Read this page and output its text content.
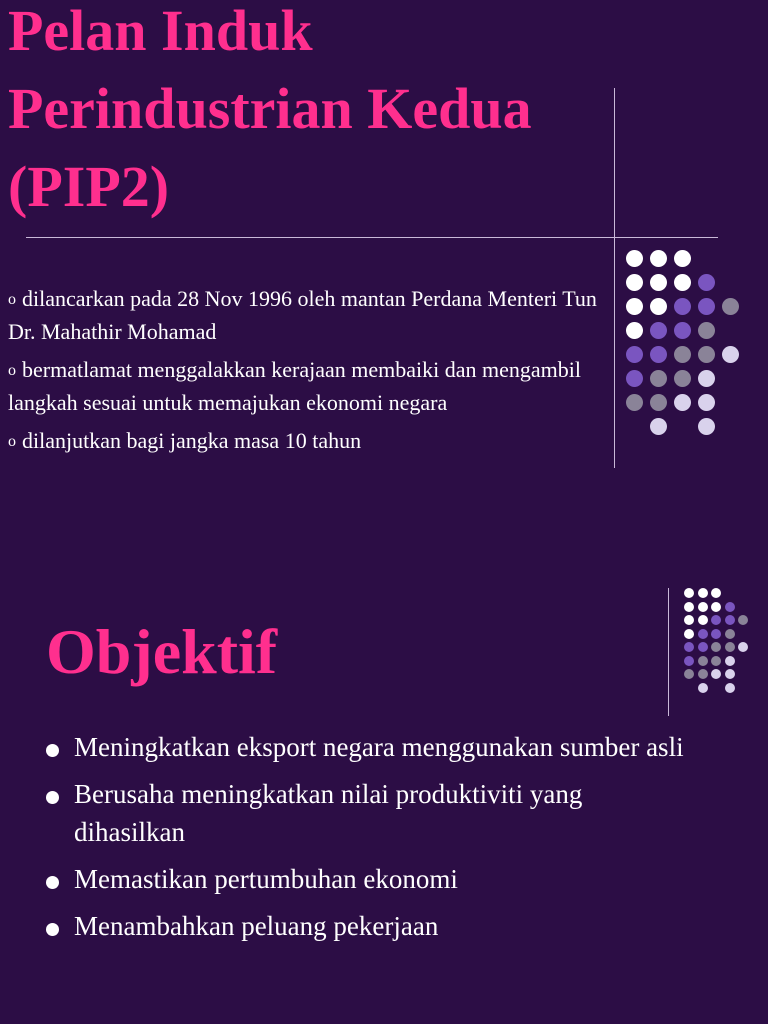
Pelan Induk Perindustrian Kedua (PIP2)
o dilancarkan pada 28 Nov 1996 oleh mantan Perdana Menteri Tun Dr. Mahathir Mohamad
o bermatlamat menggalakkan kerajaan membaiki dan mengambil langkah sesuai untuk memajukan ekonomi negara
o dilanjutkan bagi jangka masa 10 tahun
Objektif
Meningkatkan eksport negara menggunakan sumber asli
Berusaha meningkatkan nilai produktiviti yang dihasilkan
Memastikan pertumbuhan ekonomi
Menambahkan peluang pekerjaan
